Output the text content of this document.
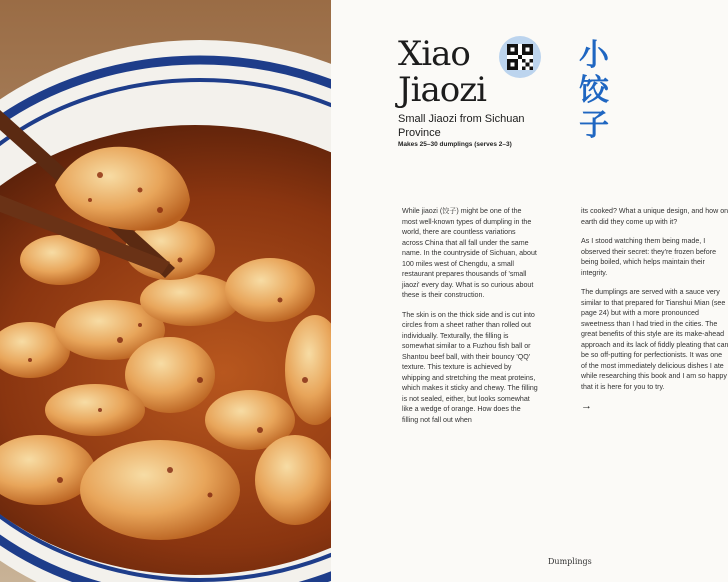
Xiao
Jiaozi
小
饺
子

Small Jiaozi from Sichuan Province

Makes 25–30 dumplings (serves 2–3)

While jiaozi (饺子) might be one of the most well-known types of dumpling in the world, there are countless variations across China that all fall under the same name. In the countryside of Sichuan, about 100 miles west of Chengdu, a small restaurant prepares thousands of 'small jiaozi' every day. What is so curious about these is their construction.

The skin is on the thick side and is cut into circles from a sheet rather than rolled out individually. Texturally, the filling is somewhat similar to a Fuzhou fish ball or Shantou beef ball, with their bouncy 'QQ' texture. This texture is achieved by whipping and stretching the meat proteins, which makes it sticky and chewy. The filling is not sealed, either, but looks somewhat like a wedge of orange. How does the filling not fall out when

its cooked? What a unique design, and how on earth did they come up with it?

As I stood watching them being made, I observed their secret: they're frozen before being boiled, which helps maintain their integrity.

The dumplings are served with a sauce very similar to that prepared for Tianshui Mian (see page 24) but with a more pronounced sweetness than I had tried in the cities. The great benefits of this style are its make-ahead approach and its lack of fiddly pleating that can be so off-putting for perfectionists. It was one of the most immediately delicious dishes I ate while researching this book and I am so happy that it is here for you to try.

→
Dumplings
